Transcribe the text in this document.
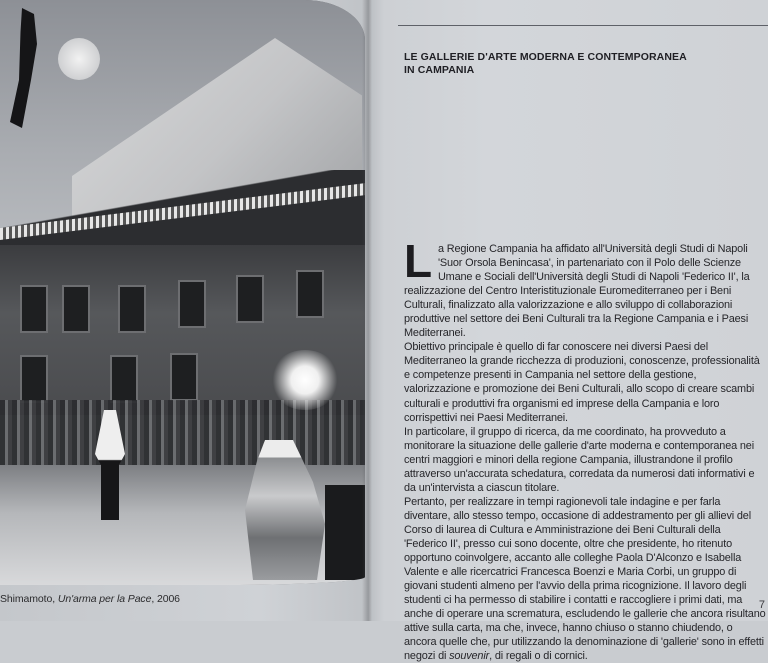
Shimamoto, Un'arma per la Pace, 2006
LE GALLERIE D'ARTE MODERNA E CONTEMPORANEA
IN CAMPANIA

La Regione Campania ha affidato all'Università degli Studi di Napoli 'Suor Orsola Benincasa', in partenariato con il Polo delle Scienze Umane e Sociali dell'Università degli Studi di Napoli 'Federico II', la realizzazione del Centro Interistituzionale Euromediterraneo per i Beni Culturali, finalizzato alla valorizzazione e allo sviluppo di collaborazioni produttive nel settore dei Beni Culturali tra la Regione Campania e i Paesi Mediterranei.

Obiettivo principale è quello di far conoscere nei diversi Paesi del Mediterraneo la grande ricchezza di produzioni, conoscenze, professionalità e competenze presenti in Campania nel settore della gestione, valorizzazione e promozione dei Beni Culturali, allo scopo di creare scambi culturali e produttivi fra organismi ed imprese della Campania e loro corrispettivi nei Paesi Mediterranei.

In particolare, il gruppo di ricerca, da me coordinato, ha provveduto a monitorare la situazione delle gallerie d'arte moderna e contemporanea nei centri maggiori e minori della regione Campania, illustrandone il profilo attraverso un'accurata schedatura, corredata da numerosi dati informativi e da un'intervista a ciascun titolare.

Pertanto, per realizzare in tempi ragionevoli tale indagine e per farla diventare, allo stesso tempo, occasione di addestramento per gli allievi del Corso di laurea di Cultura e Amministrazione dei Beni Culturali della 'Federico II', presso cui sono docente, oltre che presidente, ho ritenuto opportuno coinvolgere, accanto alle colleghe Paola D'Alconzo e Isabella Valente e alle ricercatrici Francesca Boenzi e Maria Corbi, un gruppo di giovani studenti almeno per l'avvio della prima ricognizione. Il lavoro degli studenti ci ha permesso di stabilire i contatti e raccogliere i primi dati, ma anche di operare una scrematura, escludendo le gallerie che ancora risultano attive sulla carta, ma che, invece, hanno chiuso o stanno chiudendo, o ancora quelle che, pur utilizzando la denominazione di 'gallerie' sono in effetti negozi di souvenir, di regali o di cornici.

7
